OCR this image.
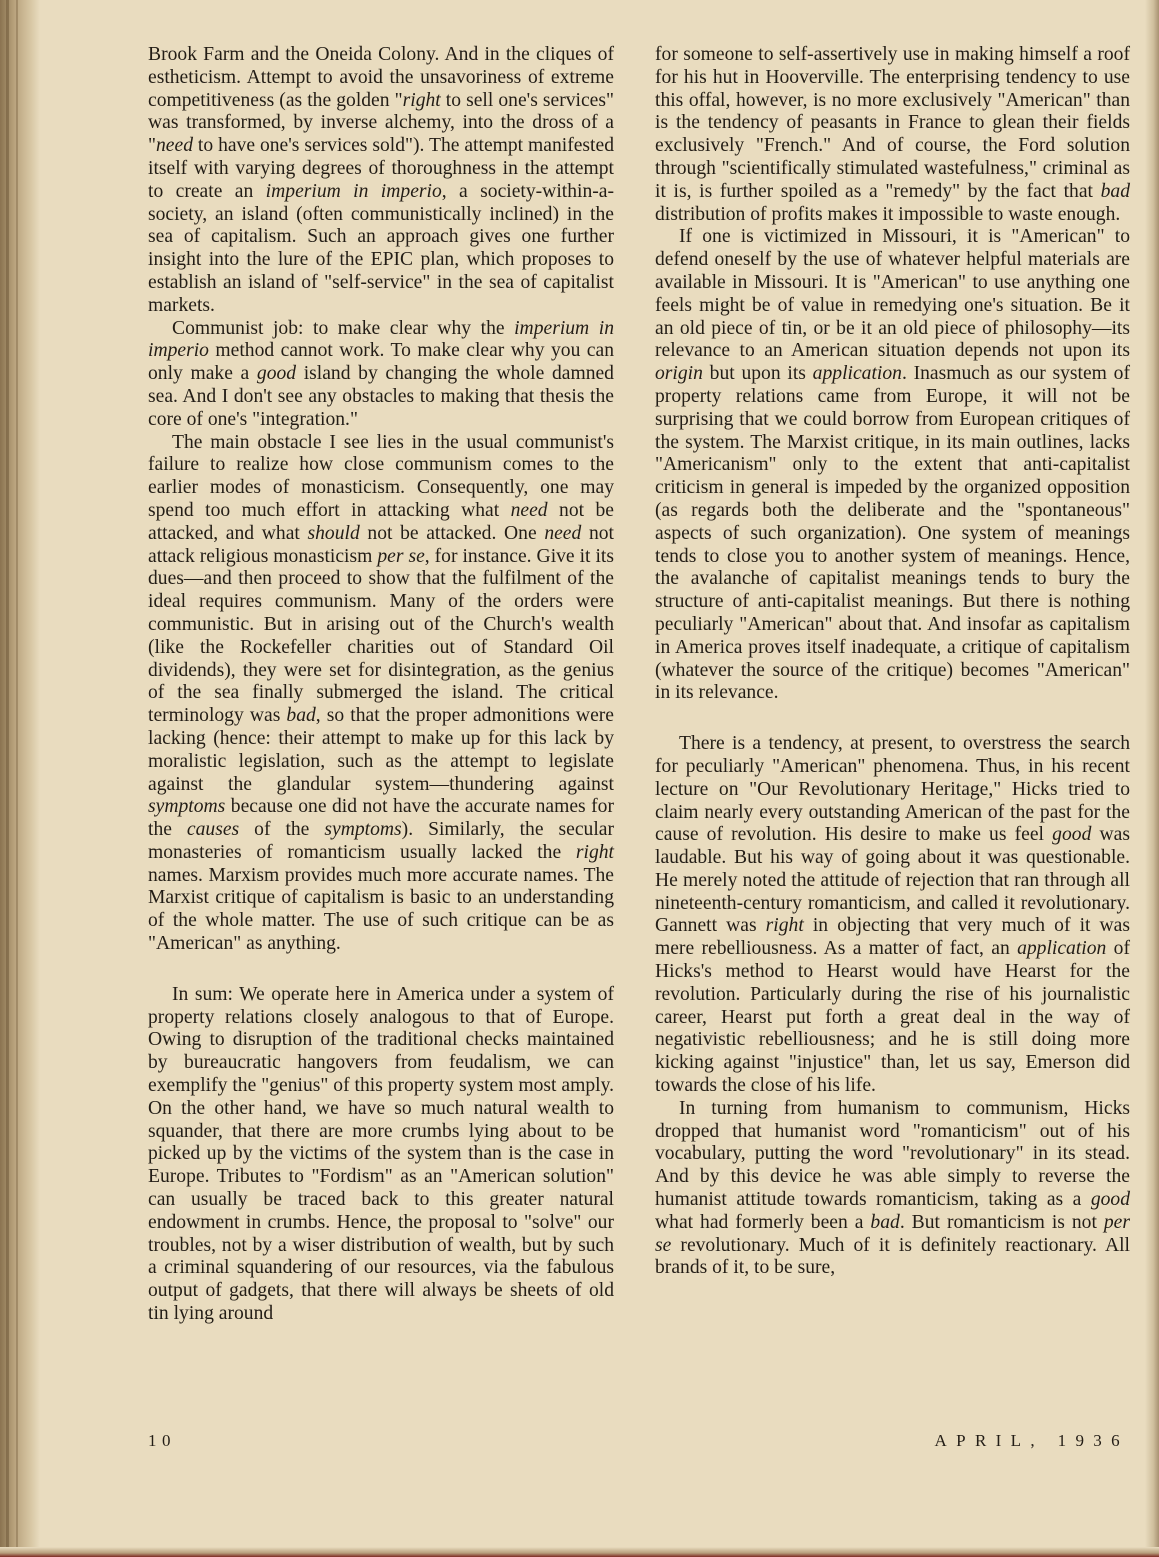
Brook Farm and the Oneida Colony. And in the cliques of estheticism. Attempt to avoid the unsavoriness of extreme competitiveness (as the golden "right to sell one's services" was transformed, by inverse alchemy, into the dross of a "need to have one's services sold"). The attempt manifested itself with varying degrees of thoroughness in the attempt to create an imperium in imperio, a society-within-a-society, an island (often communistically inclined) in the sea of capitalism. Such an approach gives one further insight into the lure of the EPIC plan, which proposes to establish an island of "self-service" in the sea of capitalist markets.

Communist job: to make clear why the imperium in imperio method cannot work. To make clear why you can only make a good island by changing the whole damned sea. And I don't see any obstacles to making that thesis the core of one's "integration."

The main obstacle I see lies in the usual communist's failure to realize how close communism comes to the earlier modes of monasticism. Consequently, one may spend too much effort in attacking what need not be attacked, and what should not be attacked. One need not attack religious monasticism per se, for instance. Give it its dues—and then proceed to show that the fulfilment of the ideal requires communism. Many of the orders were communistic. But in arising out of the Church's wealth (like the Rockefeller charities out of Standard Oil dividends), they were set for disintegration, as the genius of the sea finally submerged the island. The critical terminology was bad, so that the proper admonitions were lacking (hence: their attempt to make up for this lack by moralistic legislation, such as the attempt to legislate against the glandular system—thundering against symptoms because one did not have the accurate names for the causes of the symptoms). Similarly, the secular monasteries of romanticism usually lacked the right names. Marxism provides much more accurate names. The Marxist critique of capitalism is basic to an understanding of the whole matter. The use of such critique can be as "American" as anything.

In sum: We operate here in America under a system of property relations closely analogous to that of Europe. Owing to disruption of the traditional checks maintained by bureaucratic hangovers from feudalism, we can exemplify the "genius" of this property system most amply. On the other hand, we have so much natural wealth to squander, that there are more crumbs lying about to be picked up by the victims of the system than is the case in Europe. Tributes to "Fordism" as an "American solution" can usually be traced back to this greater natural endowment in crumbs. Hence, the proposal to "solve" our troubles, not by a wiser distribution of wealth, but by such a criminal squandering of our resources, via the fabulous output of gadgets, that there will always be sheets of old tin lying around

for someone to self-assertively use in making himself a roof for his hut in Hooverville. The enterprising tendency to use this offal, however, is no more exclusively "American" than is the tendency of peasants in France to glean their fields exclusively "French." And of course, the Ford solution through "scientifically stimulated wastefulness," criminal as it is, is further spoiled as a "remedy" by the fact that bad distribution of profits makes it impossible to waste enough.

If one is victimized in Missouri, it is "American" to defend oneself by the use of whatever helpful materials are available in Missouri. It is "American" to use anything one feels might be of value in remedying one's situation. Be it an old piece of tin, or be it an old piece of philosophy—its relevance to an American situation depends not upon its origin but upon its application. Inasmuch as our system of property relations came from Europe, it will not be surprising that we could borrow from European critiques of the system. The Marxist critique, in its main outlines, lacks "Americanism" only to the extent that anti-capitalist criticism in general is impeded by the organized opposition (as regards both the deliberate and the "spontaneous" aspects of such organization). One system of meanings tends to close you to another system of meanings. Hence, the avalanche of capitalist meanings tends to bury the structure of anti-capitalist meanings. But there is nothing peculiarly "American" about that. And insofar as capitalism in America proves itself inadequate, a critique of capitalism (whatever the source of the critique) becomes "American" in its relevance.

There is a tendency, at present, to overstress the search for peculiarly "American" phenomena. Thus, in his recent lecture on "Our Revolutionary Heritage," Hicks tried to claim nearly every outstanding American of the past for the cause of revolution. His desire to make us feel good was laudable. But his way of going about it was questionable. He merely noted the attitude of rejection that ran through all nineteenth-century romanticism, and called it revolutionary. Gannett was right in objecting that very much of it was mere rebelliousness. As a matter of fact, an application of Hicks's method to Hearst would have Hearst for the revolution. Particularly during the rise of his journalistic career, Hearst put forth a great deal in the way of negativistic rebelliousness; and he is still doing more kicking against "injustice" than, let us say, Emerson did towards the close of his life.

In turning from humanism to communism, Hicks dropped that humanist word "romanticism" out of his vocabulary, putting the word "revolutionary" in its stead. And by this device he was able simply to reverse the humanist attitude towards romanticism, taking as a good what had formerly been a bad. But romanticism is not per se revolutionary. Much of it is definitely reactionary. All brands of it, to be sure,

10	APRIL, 1936
